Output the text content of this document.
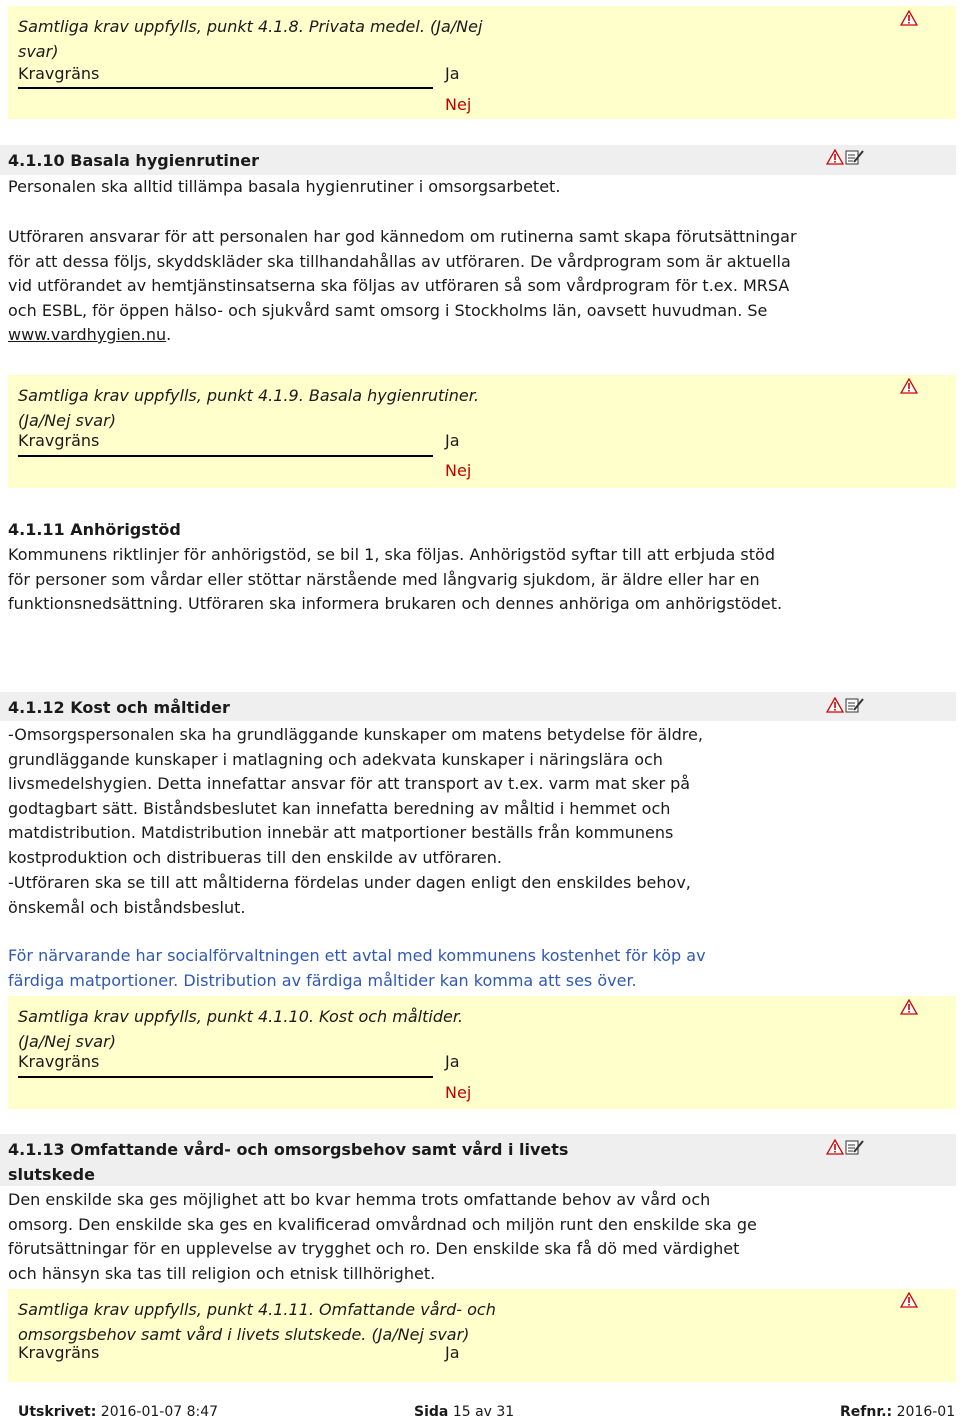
Samtliga krav uppfylls, punkt 4.1.8. Privata medel. (Ja/Nej svar)
Kravgräns	Ja
Nej
4.1.10 Basala hygienrutiner
Personalen ska alltid tillämpa basala hygienrutiner i omsorgsarbetet.
Utföraren ansvarar för att personalen har god kännedom om rutinerna samt skapa förutsättningar för att dessa följs, skyddskläder ska tillhandahållas av utföraren. De vårdprogram som är aktuella vid utförandet av hemtjänstinsatserna ska följas av utföraren så som vårdprogram för t.ex. MRSA och ESBL, för öppen hälso- och sjukvård samt omsorg i Stockholms län, oavsett huvudman. Se www.vardhygien.nu.
Samtliga krav uppfylls, punkt 4.1.9. Basala hygienrutiner. (Ja/Nej svar)
Kravgräns	Ja
Nej
4.1.11 Anhörigstöd
Kommunens riktlinjer för anhörigstöd, se bil 1, ska följas. Anhörigstöd syftar till att erbjuda stöd för personer som vårdar eller stöttar närstående med långvarig sjukdom, är äldre eller har en funktionsnedsättning. Utföraren ska informera brukaren och dennes anhöriga om anhörigstödet.
4.1.12 Kost och måltider
-Omsorgspersonalen ska ha grundläggande kunskaper om matens betydelse för äldre, grundläggande kunskaper i matlagning och adekvata kunskaper i näringslära och livsmedelshygien. Detta innefattar ansvar för att transport av t.ex. varm mat sker på godtagbart sätt. Biståndsbeslutet kan innefatta beredning av måltid i hemmet och matdistribution. Matdistribution innebär att matportioner beställs från kommunens kostproduktion och distribueras till den enskilde av utföraren.
-Utföraren ska se till att måltiderna fördelas under dagen enligt den enskildes behov, önskemål och biståndsbeslut.
För närvarande har socialförvaltningen ett avtal med kommunens kostenhet för köp av färdiga matportioner. Distribution av färdiga måltider kan komma att ses över.
Samtliga krav uppfylls, punkt 4.1.10. Kost och måltider. (Ja/Nej svar)
Kravgräns	Ja
Nej
4.1.13 Omfattande vård- och omsorgsbehov samt vård i livets slutskede
Den enskilde ska ges möjlighet att bo kvar hemma trots omfattande behov av vård och omsorg. Den enskilde ska ges en kvalificerad omvårdnad och miljön runt den enskilde ska ge förutsättningar för en upplevelse av trygghet och ro. Den enskilde ska få dö med värdighet och hänsyn ska tas till religion och etnisk tillhörighet.
Samtliga krav uppfylls, punkt 4.1.11. Omfattande vård- och omsorgsbehov samt vård i livets slutskede. (Ja/Nej svar)
Kravgräns	Ja
Utskrivet: 2016-01-07 8:47	Sida 15 av 31	Refnr.: 2016-01
